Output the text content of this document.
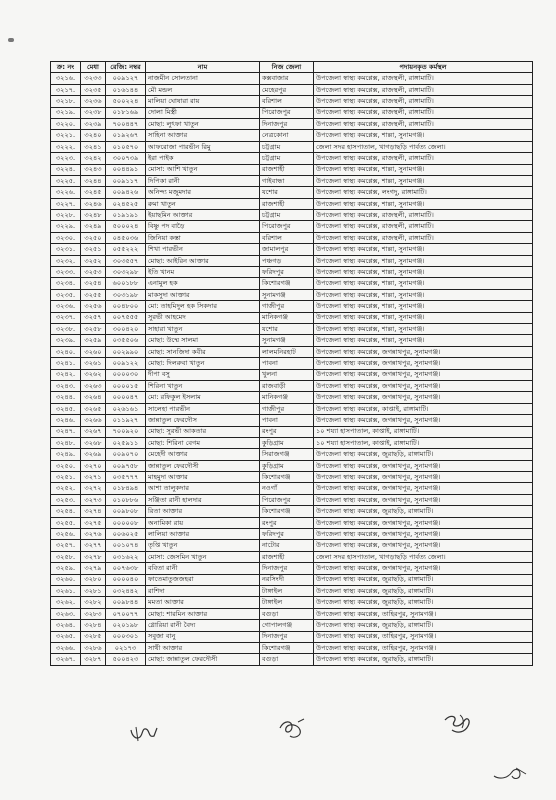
ক্র: নং	মেধা	রেজি: নম্বর	নাম	নিজ জেলা	পদায়নকৃত কর্মস্থল
৩২১৬.	৩২৩৩	০০৯১২৭	নাজমীন সোলতানা	কক্সবাজার	উপজেলা স্বাস্থ্য কমপ্লেক্স, রাজস্থলী, রাঙ্গামাটি।
৩২১৭.	৩২৩৫	০১৬১৪৪	মৌ মন্ডল	মেহেরপুর	উপজেলা স্বাস্থ্য কমপ্লেক্স, রাজস্থলী, রাঙ্গামাটি।
৩২১৮.	৩২৩৬	৫০০২২৪	মালিয়া ঘোষারা রায়	বরিশাল	উপজেলা স্বাস্থ্য কমপ্লেক্স, রাজস্থলী, রাঙ্গামাটি।
৩২১৯.	৩২৩৮	০১৮১৬৯	দোলা মিস্ত্রী	পিরোজপুর	উপজেলা স্বাস্থ্য কমপ্লেক্স, রাজস্থলী, রাঙ্গামাটি।
৩২২০.	৩২৩৯	৭০০৪৪৭	মোছা: লুৎফা খাতুন	দিনাজপুর	উপজেলা স্বাস্থ্য কমপ্লেক্স, রাজস্থলী, রাঙ্গামাটি।
৩২২১.	৩২৪০	০১৯২৬৭	সাহিনা আক্তার	নেত্রকোনা	উপজেলা স্বাস্থ্য কমপ্লেক্স, শাল্লা, সুনামগঞ্জ।
৩২২২.	৩২৪১	০১০৫৭০	আফরোজা পারভীন রিমু	চট্টগ্রাম	জেলা সদর হাসপাতাল, খাগড়াছড়ি পার্বত্য জেলা।
৩২২৩.	৩২৪২	৩০০৭৩৯	ইরা পাইক	চট্টগ্রাম	উপজেলা স্বাস্থ্য কমপ্লেক্স, রাজস্থলী, রাঙ্গামাটি।
৩২২৪.	৩২৪৩	০০৪৪৯১	মোসা: আশি খাতুন	রাজশাহী	উপজেলা স্বাস্থ্য কমপ্লেক্স, শাল্লা, সুনামগঞ্জ।
৩২২৫.	৩২৪৪	০০৯১১৭	দিপিকা রানী	গাইবান্ধা	উপজেলা স্বাস্থ্য কমপ্লেক্স, শাল্লা, সুনামগঞ্জ।
৩২২৬.	৩২৪৫	০০৯৪২৬	অনিন্দ্য মজুমদার	যশোর	উপজেলা স্বাস্থ্য কমপ্লেক্স, লংগদু, রাঙ্গামাটি।
৩২২৭.	৩২৪৬	০২৪৫২৫	রুমা খাতুন	রাজশাহী	উপজেলা স্বাস্থ্য কমপ্লেক্স, শাল্লা, সুনামগঞ্জ।
৩২২৮.	৩২৪৮	০১৯১৯১	ইয়াছমিন আক্তার	চট্টগ্রাম	উপজেলা স্বাস্থ্য কমপ্লেক্স, রাজস্থলী, রাঙ্গামাটি।
৩২২৯.	৩২৪৯	৫০০০২৪	বিষ্ণু পদ বাড়ৈ	পিরোজপুর	উপজেলা স্বাস্থ্য কমপ্লেক্স, রাজস্থলী, রাঙ্গামাটি।
৩২৩০.	৩২৫০	০৪৫০৩৬	জিনিয়া কস্তা	বরিশাল	উপজেলা স্বাস্থ্য কমপ্লেক্স, রাজস্থলী, রাঙ্গামাটি।
৩২৩১.	৩২৫১	০৫৫২২২	শিখা পারভীন	জামালপুর	উপজেলা স্বাস্থ্য কমপ্লেক্স, শাল্লা, সুনামগঞ্জ।
৩২৩২.	৩২৫২	৩০৩৫৫৭	মোছা: আইরিন আক্তার	পঞ্চগড়	উপজেলা স্বাস্থ্য কমপ্লেক্স, শাল্লা, সুনামগঞ্জ।
৩২৩৩.	৩২৫৩	৩০৩২৯৮	ইতি খানম	ফরিদপুর	উপজেলা স্বাস্থ্য কমপ্লেক্স, শাল্লা, সুনামগঞ্জ।
৩২৩৪.	৩২৫৪	৬০০১৮৮	এনামুল হক	কিশোরগঞ্জ	উপজেলা স্বাস্থ্য কমপ্লেক্স, শাল্লা, সুনামগঞ্জ।
৩২৩৫.	৩২৫৫	৩০৩১৯৮	মাকসুদা আক্তার	সুনামগঞ্জ	উপজেলা স্বাস্থ্য কমপ্লেক্স, শাল্লা, সুনামগঞ্জ।
৩২৩৬.	৩২৫৬	০০৪৮০০	মো: তাহমিদুল হক সিকদার	গাজীপুর	উপজেলা স্বাস্থ্য কমপ্লেক্স, শাল্লা, সুনামগঞ্জ।
৩২৩৭.	৩২৫৭	০০৭৫৫৫	সুরভী আহমেদ	মানিকগঞ্জ	উপজেলা স্বাস্থ্য কমপ্লেক্স, শাল্লা, সুনামগঞ্জ।
৩২৩৮.	৩২৫৮	৩০০৪২০	সাহারা খাতুন	যশোর	উপজেলা স্বাস্থ্য কমপ্লেক্স, শাল্লা, সুনামগঞ্জ।
৩২৩৯.	৩২৫৯	০৩৫৫০৬	মোছা: উম্মে সালমা	সুনামগঞ্জ	উপজেলা স্বাস্থ্য কমপ্লেক্স, শাল্লা, সুনামগঞ্জ।
৩২৪০.	৩২৬০	০০২৯৯০	মোছা: সানজিদা কবীর	লালমনিরহাট	উপজেলা স্বাস্থ্য কমপ্লেক্স, জগন্নাথপুর, সুনামগঞ্জ।
৩২৪১.	৩২৬১	০০৯১২২	মোছা: দিলরুবা খাতুন	পাবনা	উপজেলা স্বাস্থ্য কমপ্লেক্স, জগন্নাথপুর, সুনামগঞ্জ।
৩২৪২.	৩২৬২	০০০০৩০	দীপা বসু	খুলনা	উপজেলা স্বাস্থ্য কমপ্লেক্স, জগন্নাথপুর, সুনামগঞ্জ।
৩২৪৩.	৩২৬৩	০০০০১৫	শিরিনা খাতুন	রাজবাড়ী	উপজেলা স্বাস্থ্য কমপ্লেক্স, জগন্নাথপুর, সুনামগঞ্জ।
৩২৪৪.	৩২৬৪	০০০০৪৭	মো: রফিকুল ইসলাম	মানিকগঞ্জ	উপজেলা স্বাস্থ্য কমপ্লেক্স, জগন্নাথপুর, সুনামগঞ্জ।
৩২৪৫.	৩২৬৫	০২৬১৬১	সালেহা পারভীন	গাজীপুর	উপজেলা স্বাস্থ্য কমপ্লেক্স, কাপ্তাই, রাঙ্গামাটি।
৩২৪৬.	৩২৬৬	০১১৯২৭	জান্নাতুল ফেরদৌস	পাবনা	উপজেলা স্বাস্থ্য কমপ্লেক্স, জগন্নাথপুর, সুনামগঞ্জ।
৩২৪৭.	৩২৬৭	৭০০৯২০	মোছা: সুরভী আকতার	রংপুর	১০ শয্যা হাসপাতাল, কাপ্তাই, রাঙ্গামাটি।
৩২৪৮.	৩২৬৮	০২৫৯১১	মোছা: শিরিনা বেগম	কুড়িগ্রাম	১০ শয্যা হাসপাতাল, কাপ্তাই, রাঙ্গামাটি।
৩২৪৯.	৩২৬৯	০০৯০৭০	মেহেদী আক্তার	সিরাজগঞ্জ	উপজেলা স্বাস্থ্য কমপ্লেক্স, জুরাছড়ি, রাঙ্গামাটি।
৩২৫০.	৩২৭০	০০৯৭৫৮	জান্নাতুল ফেরদৌসী	কুড়িগ্রাম	উপজেলা স্বাস্থ্য কমপ্লেক্স, জগন্নাথপুর, সুনামগঞ্জ।
৩২৫১.	৩২৭১	০৩৫৭৭৭	মাহমুদা আক্তার	কিশোরগঞ্জ	উপজেলা স্বাস্থ্য কমপ্লেক্স, জগন্নাথপুর, সুনামগঞ্জ।
৩২৫২.	৩২৭২	০১৮৪৯৪	আশা তালুকদার	নওগাঁ	উপজেলা স্বাস্থ্য কমপ্লেক্স, জগন্নাথপুর, সুনামগঞ্জ।
৩২৫৩.	৩২৭৩	০১০৮৮৬	সঞ্জিতা রানী হালদার	পিরোজপুর	উপজেলা স্বাস্থ্য কমপ্লেক্স, জগন্নাথপুর, সুনামগঞ্জ।
৩২৫৪.	৩২৭৪	০০৯৮০৮	রিতা আক্তার	কিশোরগঞ্জ	উপজেলা স্বাস্থ্য কমপ্লেক্স, জুরাছড়ি, রাঙ্গামাটি।
৩২৫৫.	৩২৭৫	০০০০০৮	অনামিকা রায়	রংপুর	উপজেলা স্বাস্থ্য কমপ্লেক্স, জগন্নাথপুর, সুনামগঞ্জ।
৩২৫৬.	৩২৭৬	০০৬০২৫	লালিয়া আক্তার	ফরিদপুর	উপজেলা স্বাস্থ্য কমপ্লেক্স, জগন্নাথপুর, সুনামগঞ্জ।
৩২৫৭.	৩২৭৭	০০১০৭৪	তৃপ্তি খাতুন	নাটোর	উপজেলা স্বাস্থ্য কমপ্লেক্স, জগন্নাথপুর, সুনামগঞ্জ।
৩২৫৮.	৩২৭৮	০৩১৬২২	মোসা: জেসমিন খাতুন	রাজশাহী	জেলা সদর হাসপাতাল, খাগড়াছড়ি পার্বত্য জেলা।
৩২৫৯.	৩২৭৯	০০৭৬৩৮	ববিতা রানী	দিনাজপুর	উপজেলা স্বাস্থ্য কমপ্লেক্স, জগন্নাথপুর, সুনামগঞ্জ।
৩২৬০.	৩২৮০	০০০০৪০	ফাতেমাতুজজহরা	নরসিংদী	উপজেলা স্বাস্থ্য কমপ্লেক্স, জুরাছড়ি, রাঙ্গামাটি।
৩২৬১.	৩২৮১	০৩২৪৪২	রাশিদা	টাঙ্গাইল	উপজেলা স্বাস্থ্য কমপ্লেক্স, জুরাছড়ি, রাঙ্গামাটি।
৩২৬২.	৩২৮২	০০৯৮৪৪	মমতা আক্তার	টাঙ্গাইল	উপজেলা স্বাস্থ্য কমপ্লেক্স, জুরাছড়ি, রাঙ্গামাটি।
৩২৬৩.	৩২৮৩	০৭০০৭৭	মোছা: শারমিন আক্তার	বগুড়া	উপজেলা স্বাস্থ্য কমপ্লেক্স, তাহিরপুর, সুনামগঞ্জ।
৩২৬৪.	৩২৮৪	০২০১৯৮	গ্লোরিয়া রানী বৈদ্য	গোপালগঞ্জ	উপজেলা স্বাস্থ্য কমপ্লেক্স, জুরাছড়ি, রাঙ্গামাটি।
৩২৬৫.	৩২৮৫	০০০৩০১	সবুজা বানু	দিনাজপুর	উপজেলা স্বাস্থ্য কমপ্লেক্স, তাহিরপুর, সুনামগঞ্জ।
৩২৬৬.	৩২৮৬	০২১৭৩	সাথী আক্তার	কিশোরগঞ্জ	উপজেলা স্বাস্থ্য কমপ্লেক্স, তাহিরপুর, সুনামগঞ্জ।
৩২৬৭.	৩২৮৭	৫০০৪২৩	মোছা: জান্নাতুল ফেরদৌসী	বগুড়া	উপজেলা স্বাস্থ্য কমপ্লেক্স, জুরাছড়ি, রাঙ্গামাটি।
